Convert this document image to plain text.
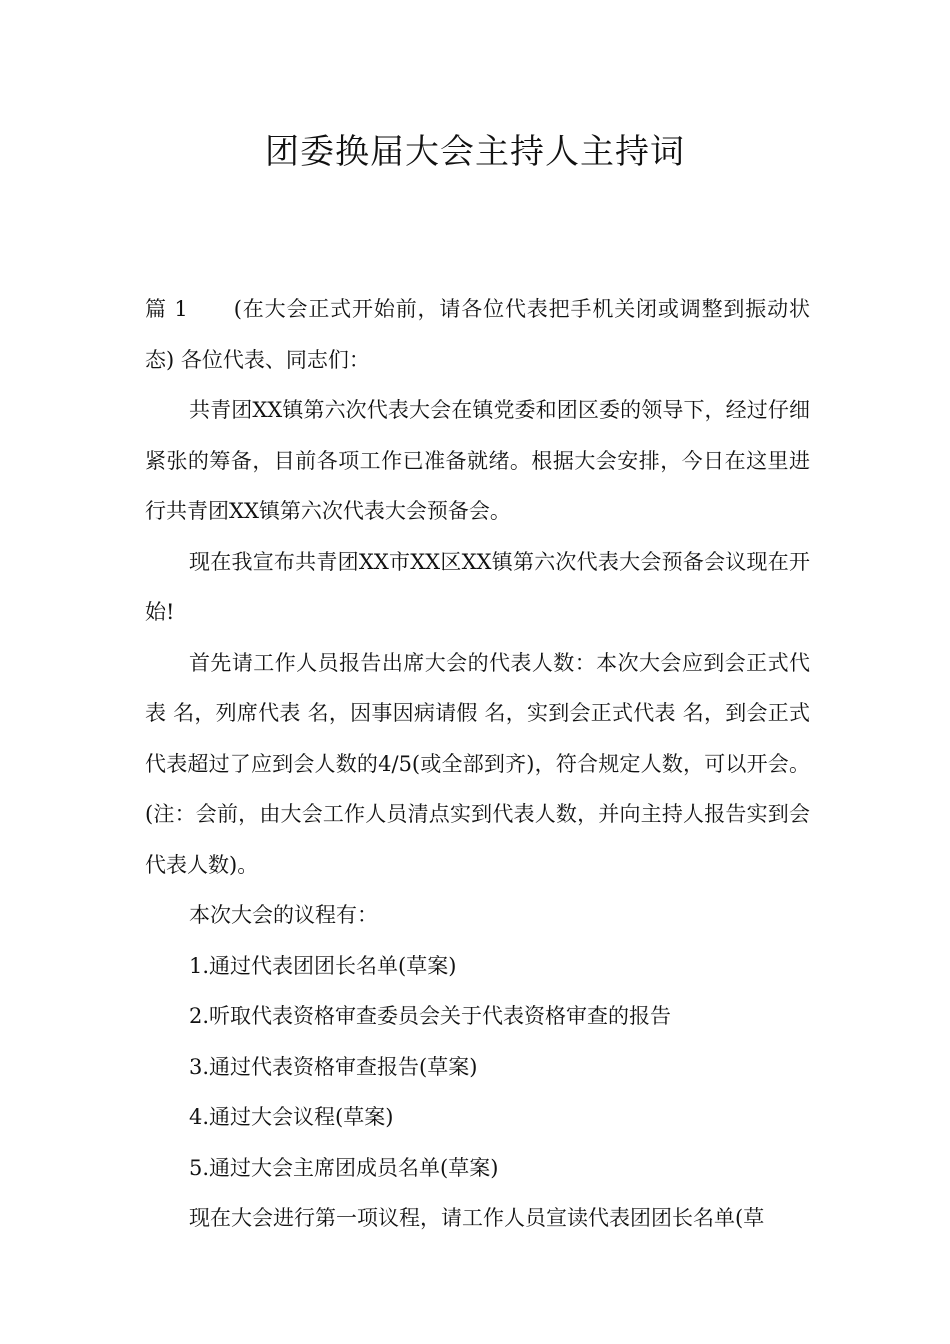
团委换届大会主持人主持词

篇 1 (在大会正式开始前，请各位代表把手机关闭或调整到振动状态) 各位代表、同志们：

共青团XX镇第六次代表大会在镇党委和团区委的领导下，经过仔细紧张的筹备，目前各项工作已准备就绪。根据大会安排，今日在这里进行共青团XX镇第六次代表大会预备会。

现在我宣布共青团XX市XX区XX镇第六次代表大会预备会议现在开始!

首先请工作人员报告出席大会的代表人数：本次大会应到会正式代表 名，列席代表 名，因事因病请假 名，实到会正式代表 名，到会正式代表超过了应到会人数的4/5(或全部到齐)，符合规定人数，可以开会。(注：会前，由大会工作人员清点实到代表人数，并向主持人报告实到会代表人数)。

本次大会的议程有：

1.通过代表团团长名单(草案)

2.听取代表资格审查委员会关于代表资格审查的报告

3.通过代表资格审查报告(草案)

4.通过大会议程(草案)

5.通过大会主席团成员名单(草案)

现在大会进行第一项议程，请工作人员宣读代表团团长名单(草
